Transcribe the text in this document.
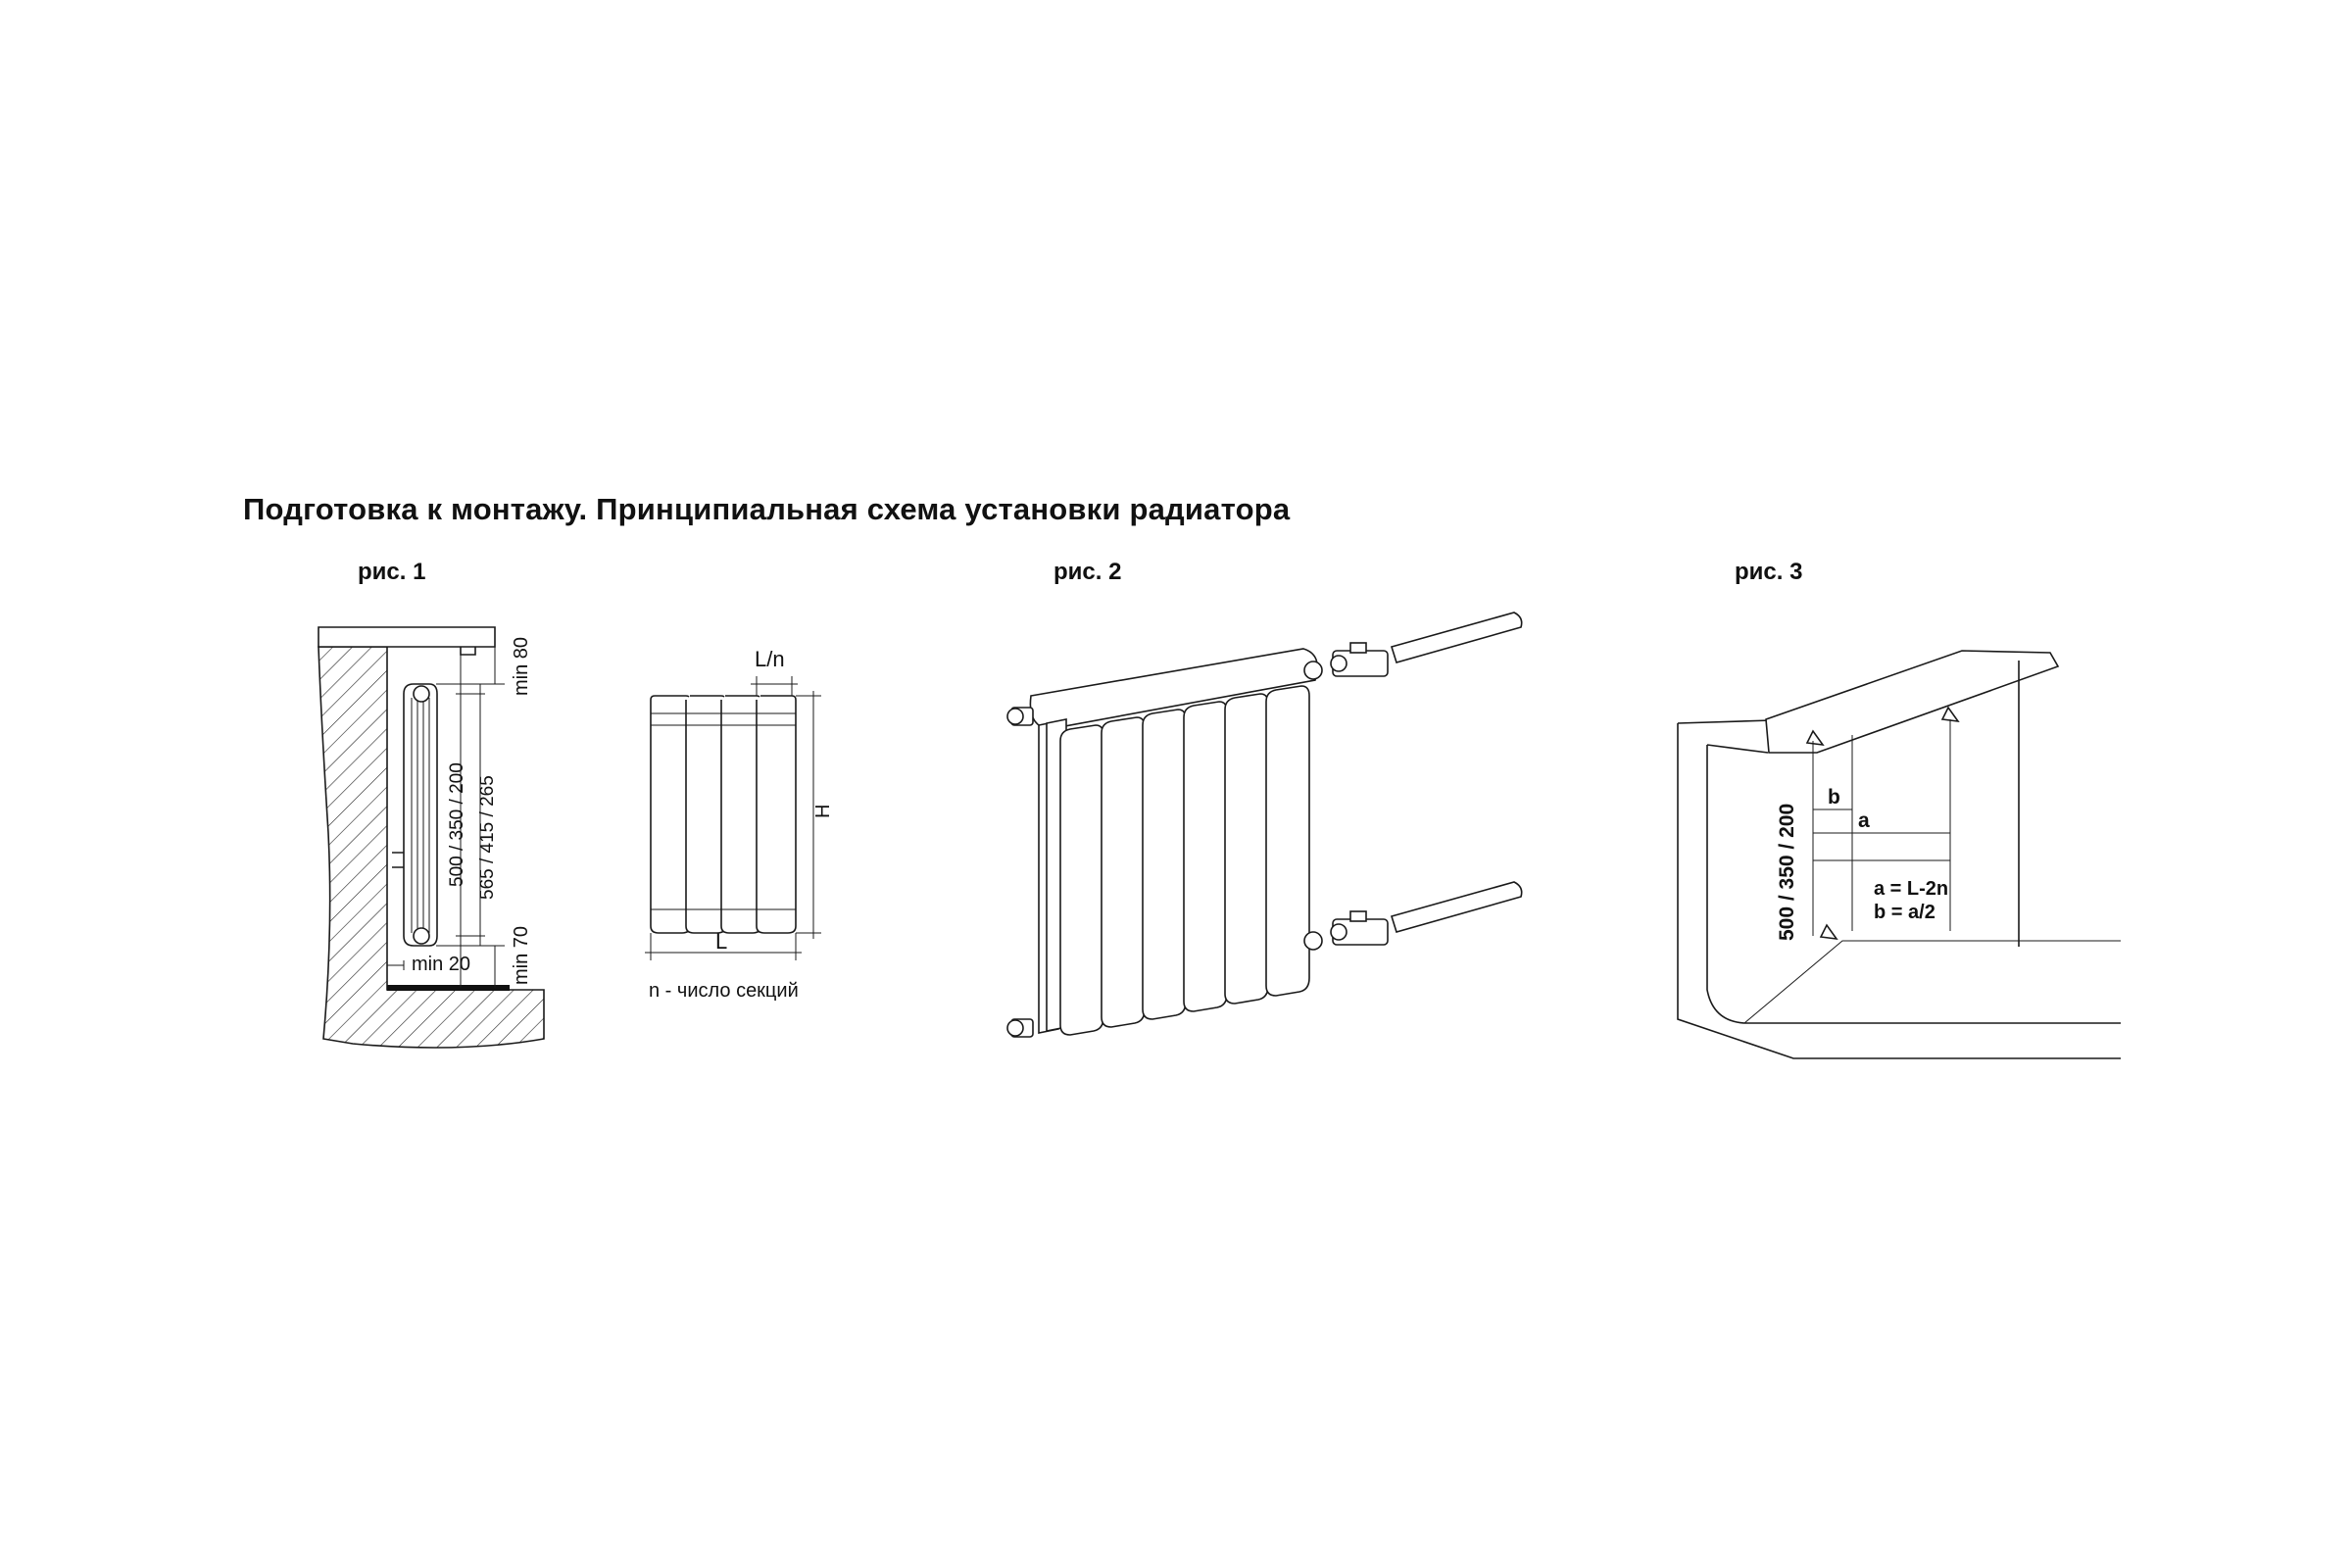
Подготовка к монтажу. Принципиальная схема установки радиатора
рис. 1	рис. 2	рис. 3
min 80
500 / 350 / 200 565 / 415 / 265
min 70
min 20
L/n
H
L
n - число секций
b
a
500 / 350 / 200	a = L-2n
b = a/2
